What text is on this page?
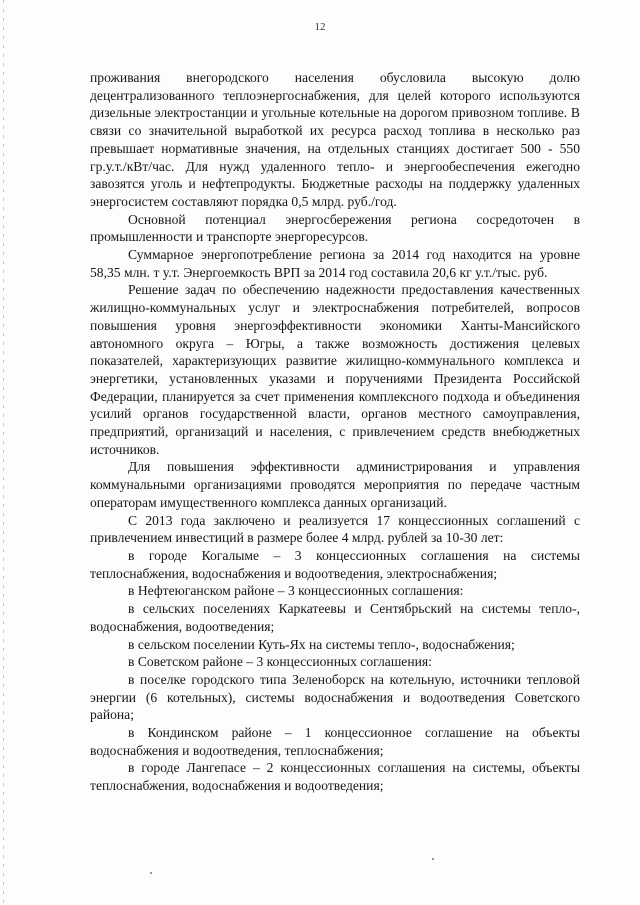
12

проживания внегородского населения обусловила высокую долю децентрализованного теплоэнергоснабжения, для целей которого используются дизельные электростанции и угольные котельные на дорогом привозном топливе. В связи со значительной выработкой их ресурса расход топлива в несколько раз превышает нормативные значения, на отдельных станциях достигает 500 - 550 гр.у.т./кВт/час. Для нужд удаленного тепло- и энергообеспечения ежегодно завозятся уголь и нефтепродукты. Бюджетные расходы на поддержку удаленных энергосистем составляют порядка 0,5 млрд. руб./год.

Основной потенциал энергосбережения региона сосредоточен в промышленности и транспорте энергоресурсов.

Суммарное энергопотребление региона за 2014 год находится на уровне 58,35 млн. т у.т. Энергоемкость ВРП за 2014 год составила 20,6 кг у.т./тыс. руб.

Решение задач по обеспечению надежности предоставления качественных жилищно-коммунальных услуг и электроснабжения потребителей, вопросов повышения уровня энергоэффективности экономики Ханты-Мансийского автономного округа – Югры, а также возможность достижения целевых показателей, характеризующих развитие жилищно-коммунального комплекса и энергетики, установленных указами и поручениями Президента Российской Федерации, планируется за счет применения комплексного подхода и объединения усилий органов государственной власти, органов местного самоуправления, предприятий, организаций и населения, с привлечением средств внебюджетных источников.

Для повышения эффективности администрирования и управления коммунальными организациями проводятся мероприятия по передаче частным операторам имущественного комплекса данных организаций.

С 2013 года заключено и реализуется 17 концессионных соглашений с привлечением инвестиций в размере более 4 млрд. рублей за 10-30 лет:

в городе Когалыме – 3 концессионных соглашения на системы теплоснабжения, водоснабжения и водоотведения, электроснабжения;

в Нефтеюганском районе – 3 концессионных соглашения:

в сельских поселениях Каркатеевы и Сентябрьский на системы тепло-, водоснабжения, водоотведения;

в сельском поселении Куть-Ях на системы тепло-, водоснабжения;

в Советском районе – 3 концессионных соглашения:

в поселке городского типа Зеленоборск на котельную, источники тепловой энергии (6 котельных), системы водоснабжения и водоотведения Советского района;

в Кондинском районе – 1 концессионное соглашение на объекты водоснабжения и водоотведения, теплоснабжения;

в городе Лангепасе – 2 концессионных соглашения на системы, объекты теплоснабжения, водоснабжения и водоотведения;
